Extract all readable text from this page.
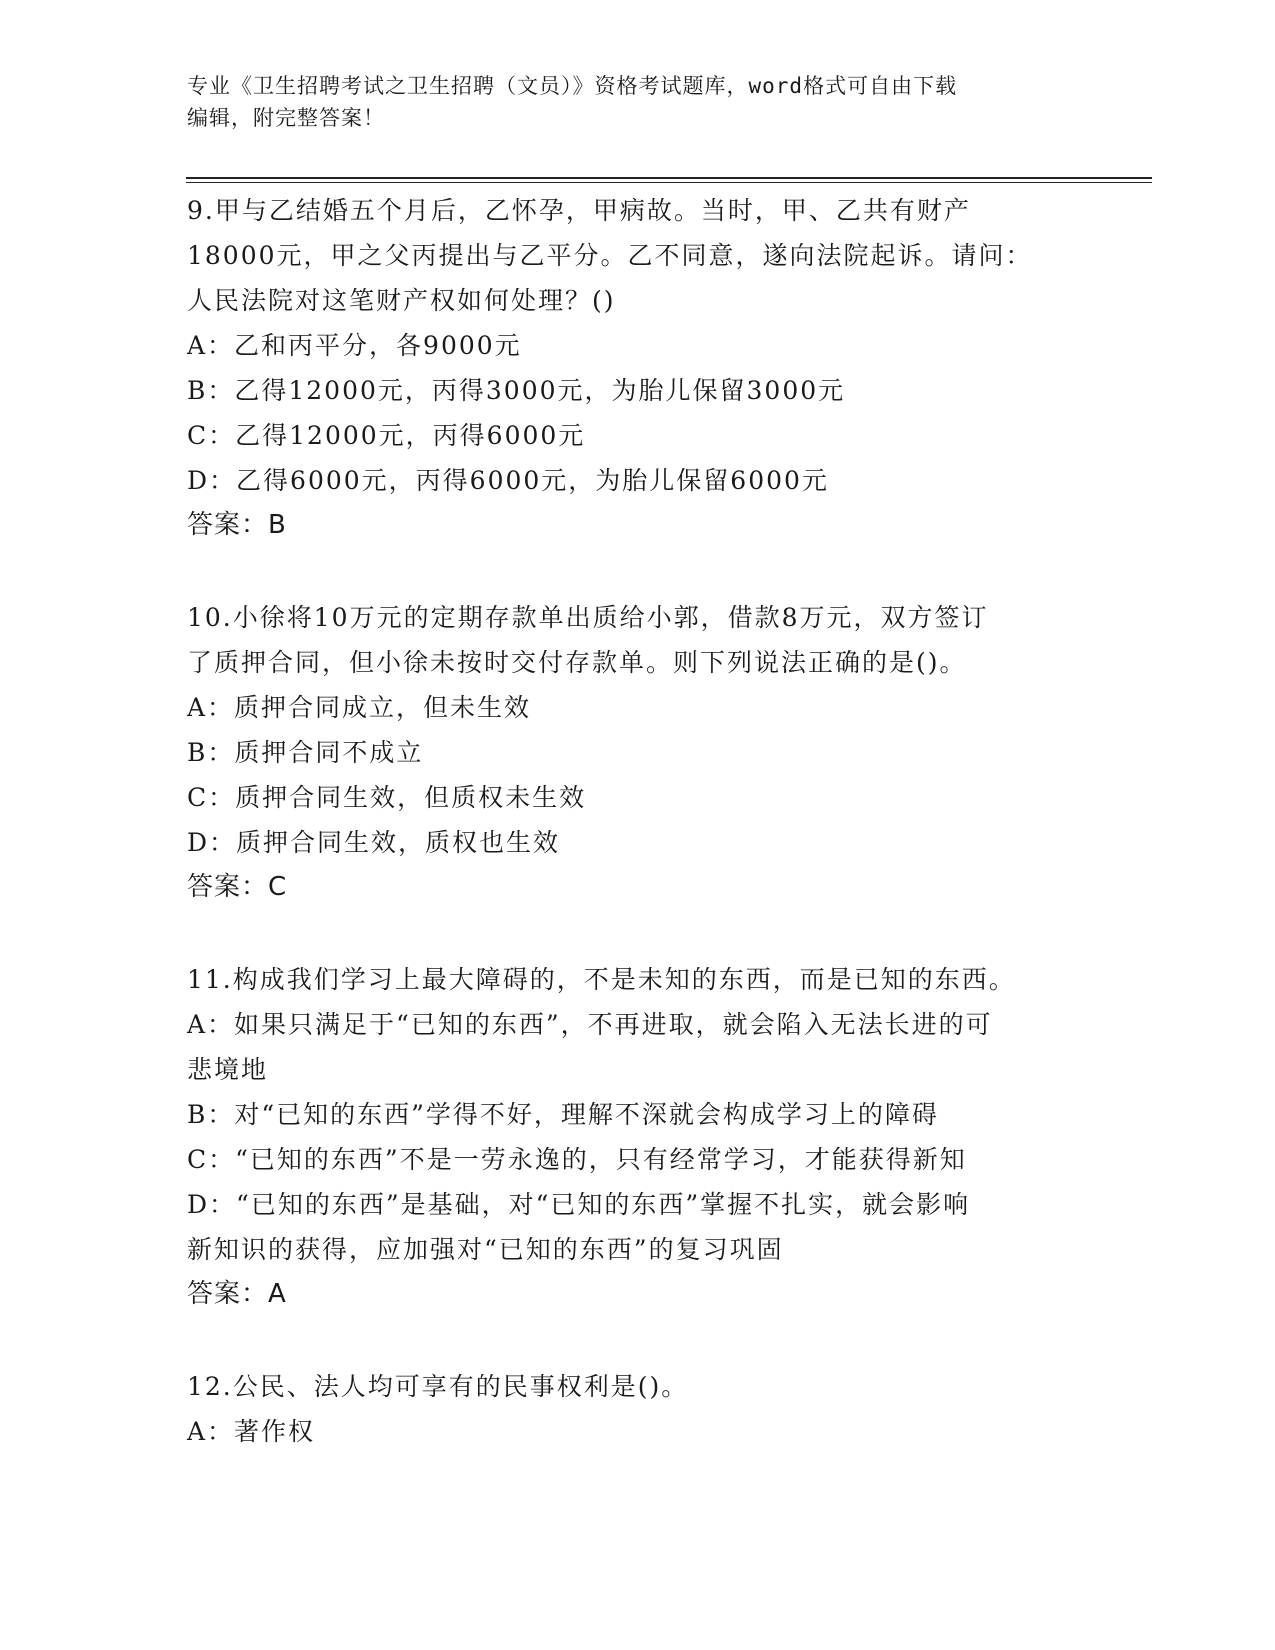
专业《卫生招聘考试之卫生招聘（文员）》资格考试题库，word格式可自由下载
编辑，附完整答案！
9.甲与乙结婚五个月后，乙怀孕，甲病故。当时，甲、乙共有财产
18000元，甲之父丙提出与乙平分。乙不同意，遂向法院起诉。请问：
人民法院对这笔财产权如何处理？()
A：乙和丙平分，各9000元
B：乙得12000元，丙得3000元，为胎儿保留3000元
C：乙得12000元，丙得6000元
D：乙得6000元，丙得6000元，为胎儿保留6000元
答案：B
10.小徐将10万元的定期存款单出质给小郭，借款8万元，双方签订
了质押合同，但小徐未按时交付存款单。则下列说法正确的是()。
A：质押合同成立，但未生效
B：质押合同不成立
C：质押合同生效，但质权未生效
D：质押合同生效，质权也生效
答案：C
11.构成我们学习上最大障碍的，不是未知的东西，而是已知的东西。
A：如果只满足于“已知的东西”，不再进取，就会陷入无法长进的可
悲境地
B：对“已知的东西”学得不好，理解不深就会构成学习上的障碍
C：“已知的东西”不是一劳永逸的，只有经常学习，才能获得新知
D：“已知的东西”是基础，对“已知的东西”掌握不扎实，就会影响
新知识的获得，应加强对“已知的东西”的复习巩固
答案：A
12.公民、法人均可享有的民事权利是()。
A：著作权
